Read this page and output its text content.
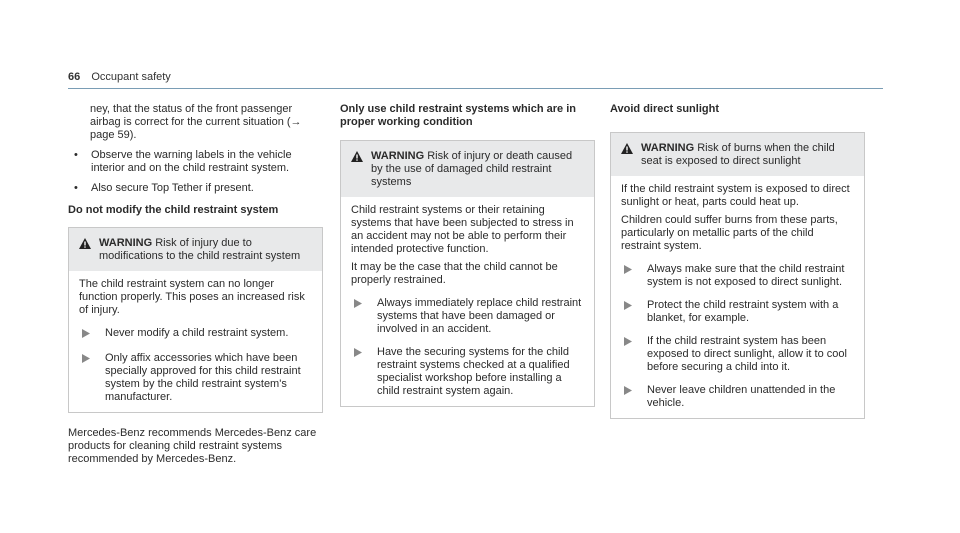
66 Occupant safety

ney, that the status of the front passenger airbag is correct for the current situation (→ page 59).

•	Observe the warning labels in the vehicle interior and on the child restraint system.
•	Also secure Top Tether if present.

Do not modify the child restraint system

WARNING Risk of injury due to modifications to the child restraint system

The child restraint system can no longer function properly. This poses an increased risk of injury.

Never modify a child restraint system.
Only affix accessories which have been specially approved for this child restraint system by the child restraint system's manufacturer.

Mercedes-Benz recommends Mercedes-Benz care products for cleaning child restraint systems recommended by Mercedes-Benz.

Only use child restraint systems which are in proper working condition

WARNING Risk of injury or death caused by the use of damaged child restraint systems

Child restraint systems or their retaining systems that have been subjected to stress in an accident may not be able to perform their intended protective function.

It may be the case that the child cannot be properly restrained.

Always immediately replace child restraint systems that have been damaged or involved in an accident.
Have the securing systems for the child restraint systems checked at a qualified specialist workshop before installing a child restraint system again.

Avoid direct sunlight

WARNING Risk of burns when the child seat is exposed to direct sunlight

If the child restraint system is exposed to direct sunlight or heat, parts could heat up.

Children could suffer burns from these parts, particularly on metallic parts of the child restraint system.

Always make sure that the child restraint system is not exposed to direct sunlight.
Protect the child restraint system with a blanket, for example.
If the child restraint system has been exposed to direct sunlight, allow it to cool before securing a child into it.
Never leave children unattended in the vehicle.
